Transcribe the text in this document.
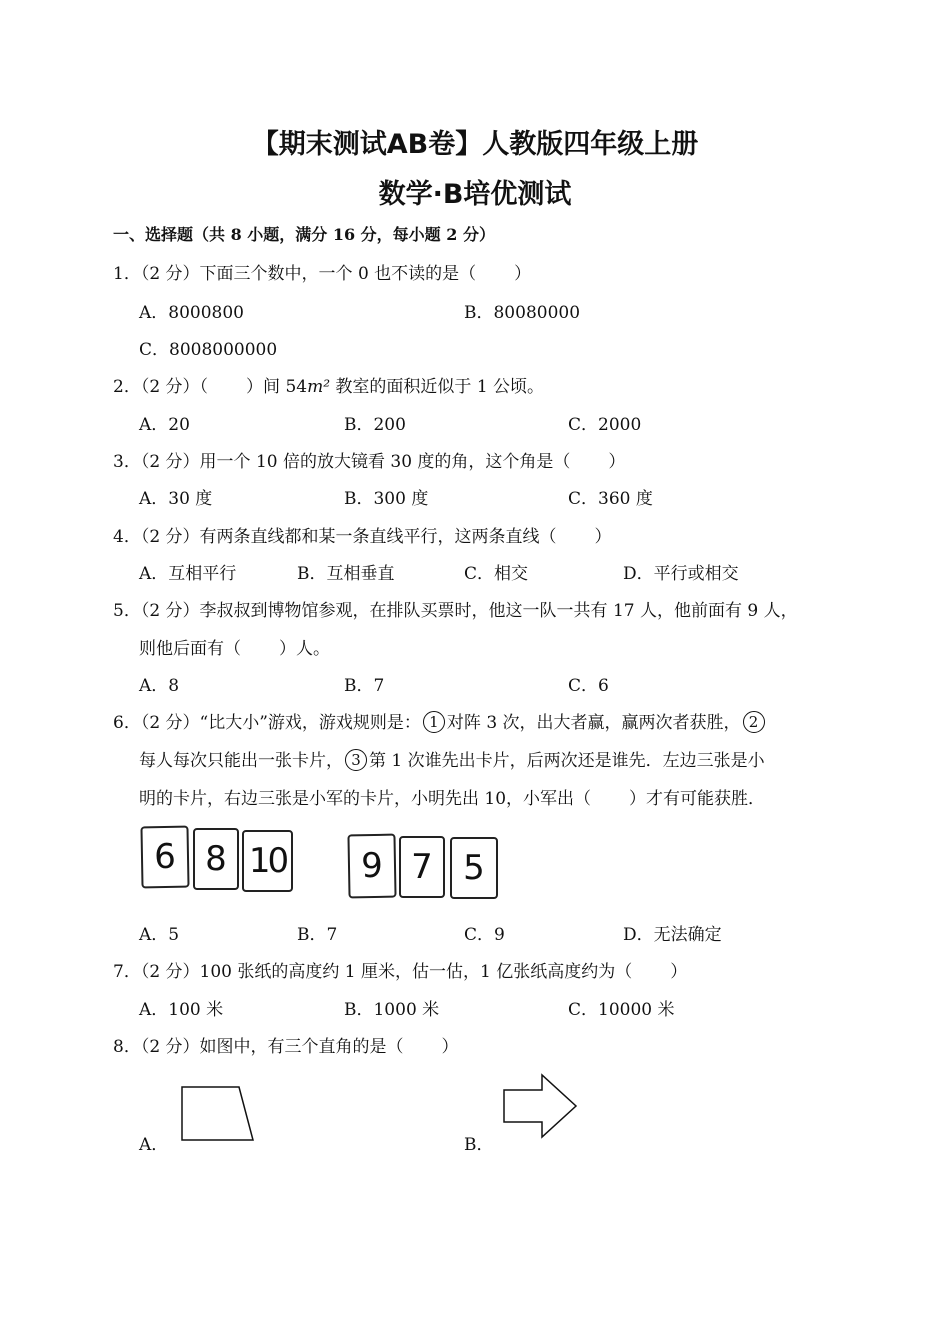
【期末测试AB卷】人教版四年级上册
数学·B培优测试
一、选择题（共 8 小题，满分 16 分，每小题 2 分）
1．（2 分）下面三个数中，一个 0 也不读的是（ ）
A．8000800	B．80080000
C．8008000000
2．（2 分）（ ）间 54m² 教室的面积近似于 1 公顷。
A．20	B．200	C．2000
3．（2 分）用一个 10 倍的放大镜看 30 度的角，这个角是（ ）
A．30 度	B．300 度	C．360 度
4．（2 分）有两条直线都和某一条直线平行，这两条直线（ ）
A．互相平行	B．互相垂直	C．相交	D．平行或相交
5．（2 分）李叔叔到博物馆参观，在排队买票时，他这一队一共有 17 人，他前面有 9 人，
则他后面有（ ）人。
A．8	B．7	C．6
6．（2 分）“比大小”游戏，游戏规则是： 1 对阵 3 次，出大者赢，赢两次者获胜， 2
每人每次只能出一张卡片， 3 第 1 次谁先出卡片，后两次还是谁先．左边三张是小
明的卡片，右边三张是小军的卡片，小明先出 10，小军出（ ）才有可能获胜．
6 8 10	9 7 5
A．5	B．7	C．9	D．无法确定
7．（2 分）100 张纸的高度约 1 厘米，估一估，1 亿张纸高度约为（ ）
A．100 米	B．1000 米	C．10000 米
8．（2 分）如图中，有三个直角的是（ ）
A．	B．
